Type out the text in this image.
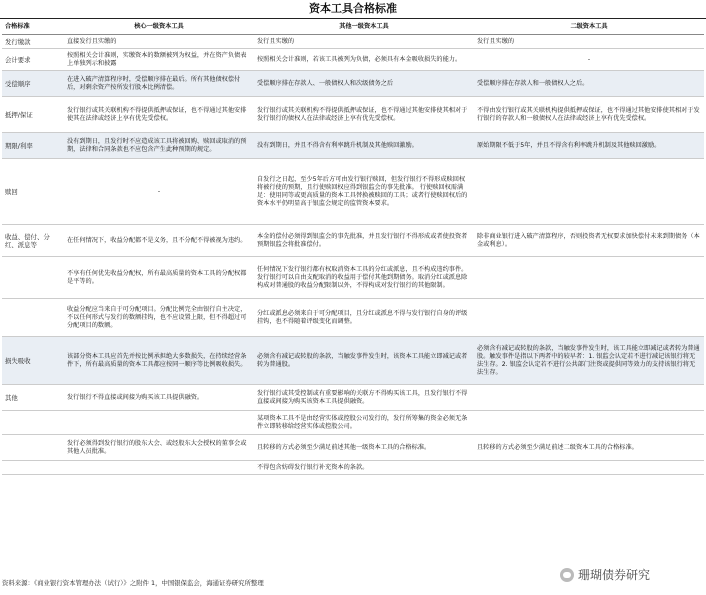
资本工具合格标准
合格标准	核心一级资本工具	其他一级资本工具	二级资本工具
发行缴款	直接发行且实缴的	发行且实缴的	发行且实缴的
会计要求	按照相关会计准则，实缴资本的数额被列为权益，并在资产负债表上单独列示和披露	按照相关会计准则，若该工具被列为负债，必须具有本金吸收损失的能力。	-
受偿顺序	在进入破产清算程序时，受偿顺序排在最后。所有其他债权偿付后，对剩余资产按所发行股本比例清偿。	受偿顺序排在存款人、一般债权人和次级债务之后	受偿顺序排在存款人和一般债权人之后。
抵押/保证	发行银行或其关联机构不得提供抵押或保证，也不得通过其他安排使其在法律或经济上享有优先受偿权。	发行银行或其关联机构不得提供抵押或保证，也不得通过其他安排使其相对于发行银行的债权人在法律或经济上享有优先受偿权。	不得由发行银行或其关联机构提供抵押或保证，也不得通过其他安排使其相对于发行银行的存款人和一般债权人在法律或经济上享有优先受偿权。
期限/利率	没有到期日，且发行时不应造成该工具将被回购、赎回或取消的预期，法律和合同条款也不应包含产生此种预期的规定。	没有到期日，并且不得含有利率跳升机制及其他赎回激励。	原始期限不低于5年，并且不得含有利率跳升机制及其他赎回激励。
赎回	-	自发行之日起，至少5年后方可由发行银行赎回，但发行银行不得形成赎回权将被行使的预期，且行使赎回权应得到银监会的事先批准。 行使赎回权需满足：使用同等或更高质量的资本工具替换被赎回的工具；或者行使赎回权后的资本水平仍明显高于银监会规定的监管资本要求。	
收益、偿付、分红、派息等	在任何情况下，收益分配都不是义务，且不分配不得被视为违约。	本金的偿付必须得到银监会的事先批准，并且发行银行不得形成或者使投资者预期银监会将批准偿付。	除非商业银行进入破产清算程序，否则投资者无权要求加快偿付未来到期债务（本金或利息）。
	不享有任何优先收益分配权，所有最高质量的资本工具的分配权都是平等的。	任何情况下发行银行都有权取消资本工具的分红或派息，且不构成违约事件。发行银行可以自由支配取消的收益用于偿付其他到期债务。取消分红或派息除构成对普通股的收益分配限制以外，不得构成对发行银行的其他限制。	
	收益分配应当来自于可分配项目。分配比例完全由银行自主决定，不以任何形式与发行的数额挂钩，也不应设置上限，但不得超过可分配项目的数额。	分红或派息必须来自于可分配项目，且分红或派息不得与发行银行自身的评级挂钩，也不得随着评级变化而调整。	
损失吸收	该部分资本工具应首先并按比例承担绝大多数损失，在持续经营条件下，所有最高质量的资本工具都应按同一顺序等比例吸收损失。	必须含有减记或转股的条款，当触发事件发生时，该资本工具能立即减记或者转为普通股。	必须含有减记或转股的条款，当触发事件发生时，该工具能立即减记或者转为普通股。触发事件是指以下两者中的较早者：1. 银监会认定若不进行减记该银行将无法生存。2. 银监会认定若不进行公共部门注资或提供同等效力的支持该银行将无法生存。
其他	发行银行不得直接或间接为购买该工具提供融资。	发行银行或其受控制或有重要影响的关联方不得购买该工具，且发行银行不得直接或间接为购买该资本工具提供融资。	
		某项资本工具不是由经营实体或控股公司发行的，发行所筹集的资金必须无条件立即转移给经营实体或控股公司。	
	发行必须得到发行银行的股东大会、或经股东大会授权的董事会或其他人员批准。	且转移的方式必须至少满足前述其他一级资本工具的合格标准。	且转移的方式必须至少满足前述二级资本工具的合格标准。
		不得包含妨碍发行银行补充资本的条款。	
资料来源：《商业银行资本管理办法（试行）》之附件 1，中国银保监会，海通证券研究所整理
珊瑚债券研究
